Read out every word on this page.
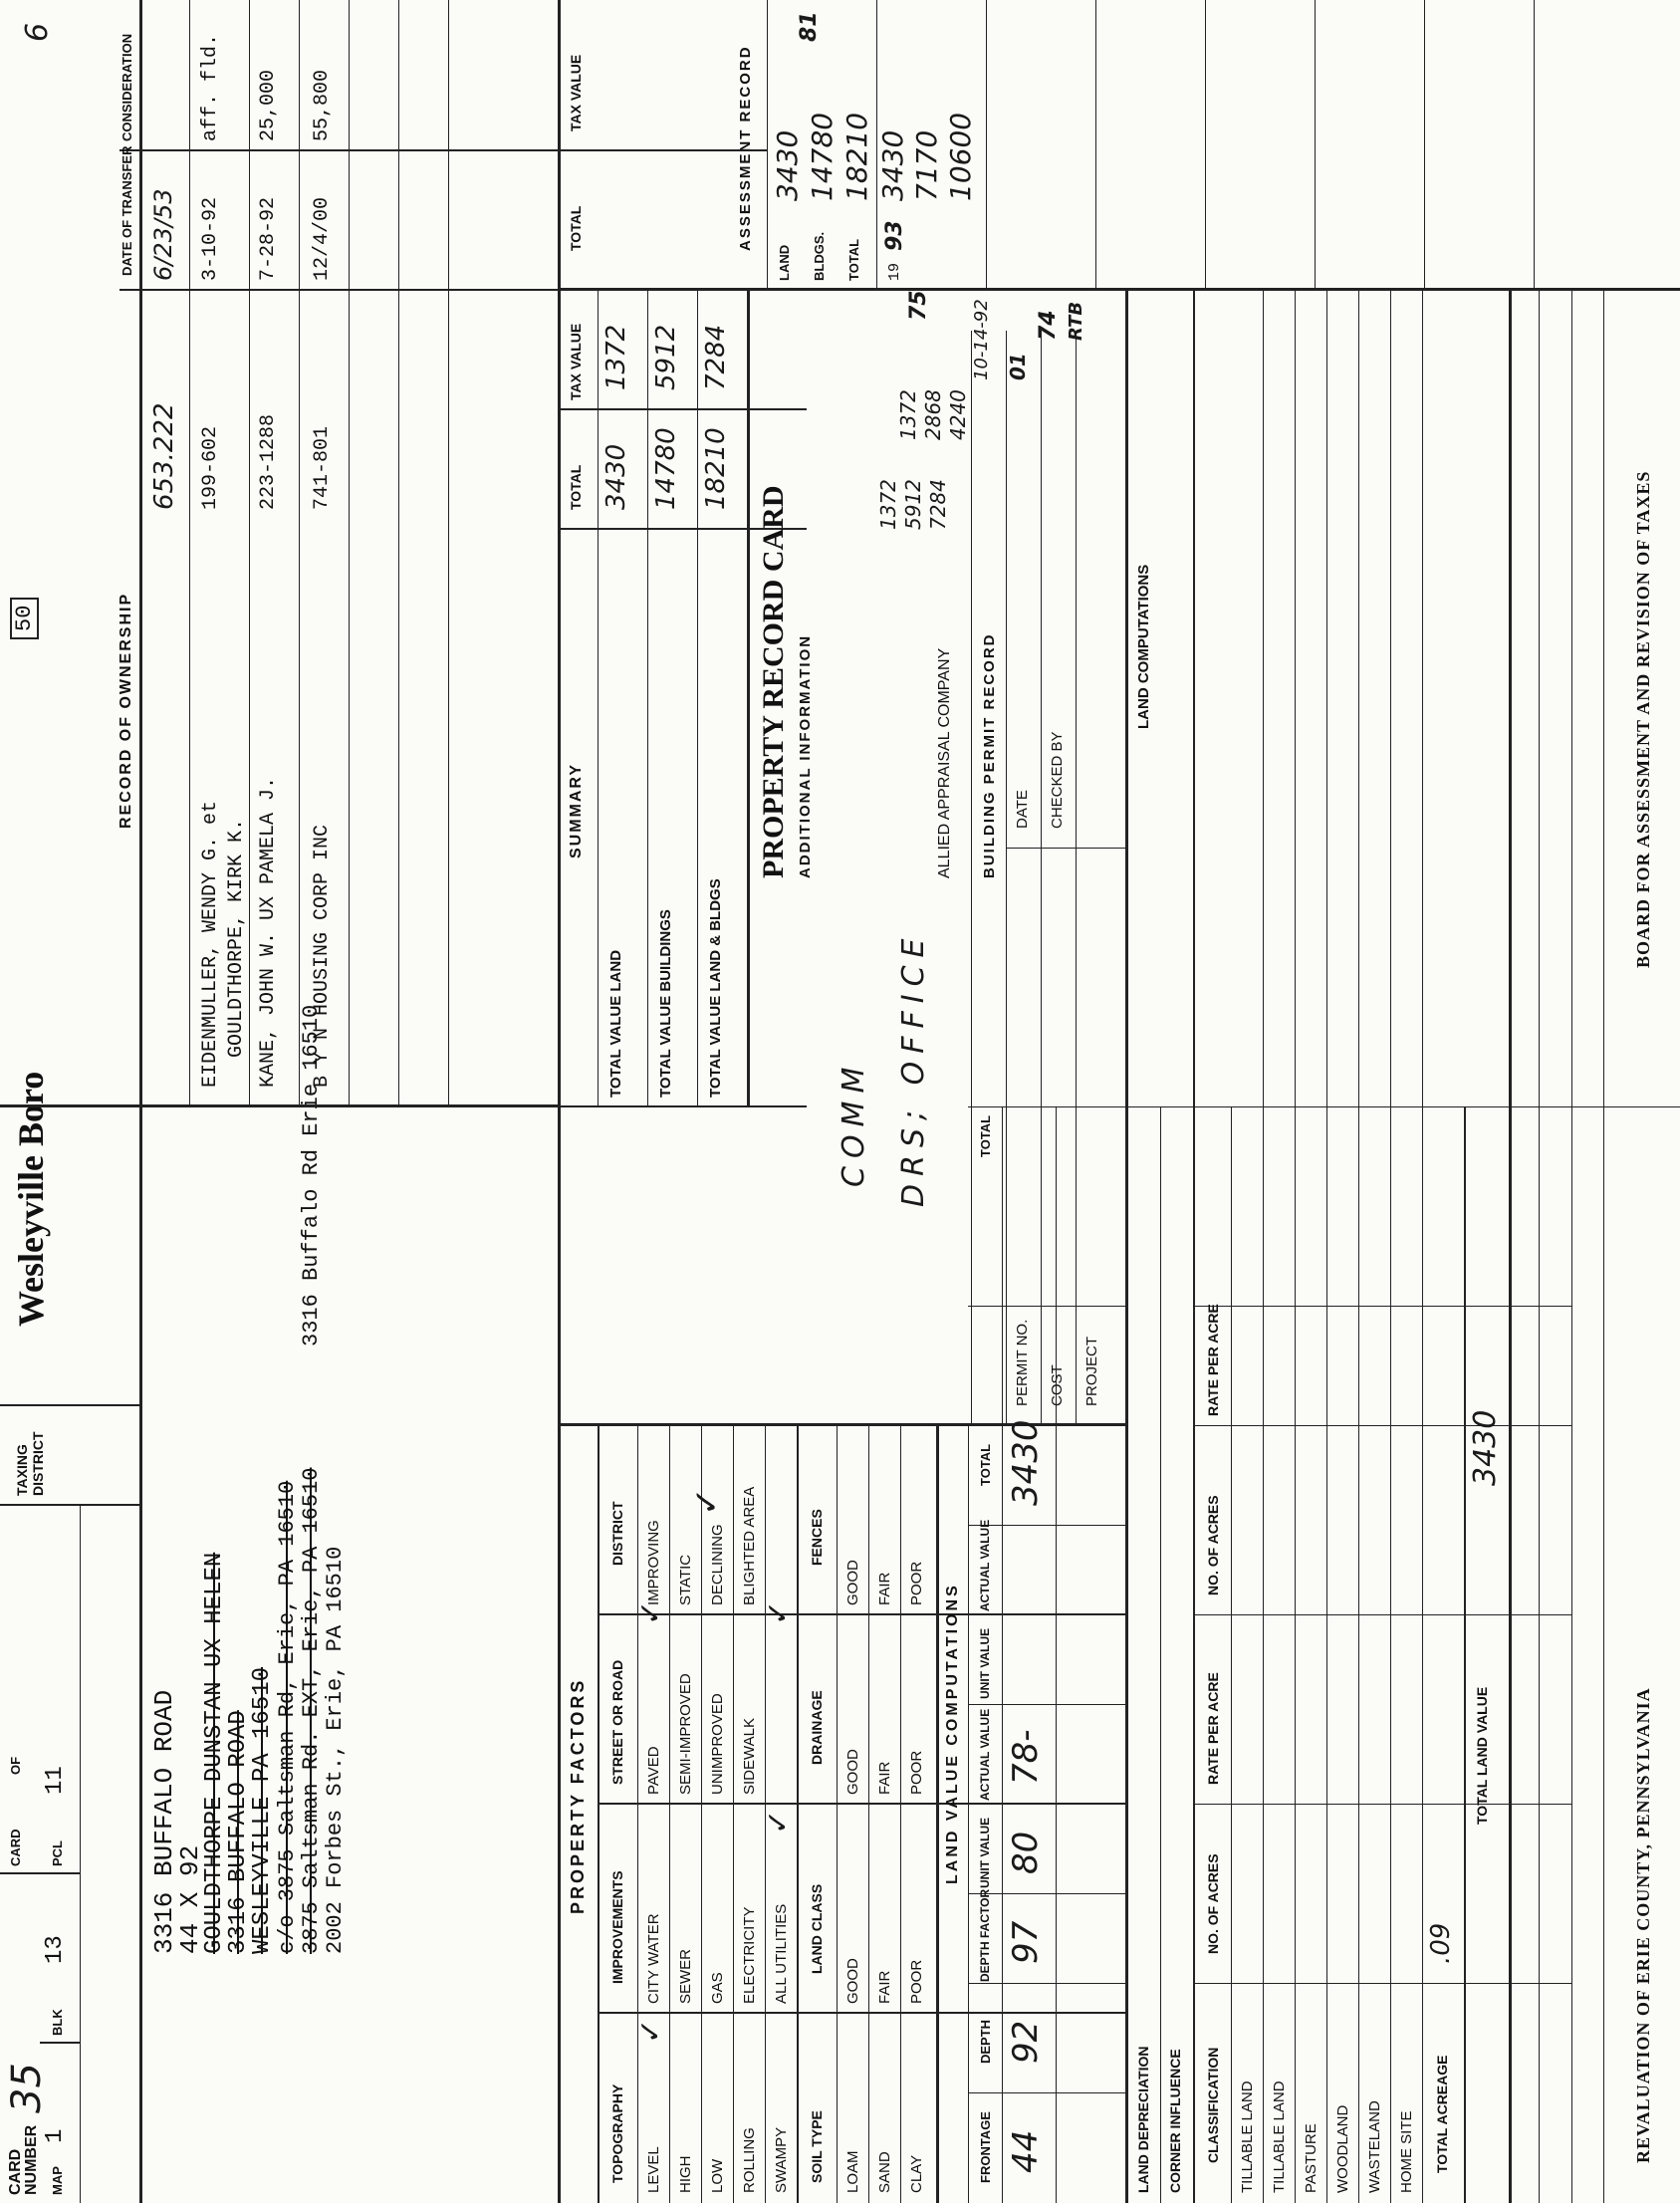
CARD NUMBER
35
MAP
1
BLK
13
CARD
OF
PCL
11
TAXING DISTRICT
Wesleyville Boro
50
6
3316 BUFFALO ROAD
44 X 92
GOULDTHORPE DUNSTAN UX HELEN
3316 BUFFALO ROAD
WESLEYVILLE PA 16510 c/o 3875 Saltsman Rd, Erie, PA 16510 3875 Saltsman Rd. EXT, Erie, PA 16510 2002 Forbes St., Erie, PA 16510
3316 Buffalo Rd Erie 16510
RECORD OF OWNERSHIP
DATE OF TRANSFER
CONSIDERATION
653.222
6/23/53
EIDENMULLER, WENDY G. et
199-602
3-10-92
aff. fld.
GOULDTHORPE, KIRK K. KANE, JOHN W. UX PAMELA J.
223-1288
7-28-92
25,000
B Y N HOUSING CORP INC
741-801
12/4/00
55,800
SUMMARY
TOTAL
TAX VALUE
TOTAL VALUE LAND
3430
1372
TOTAL VALUE BUILDINGS
14780
5912
TOTAL VALUE LAND & BLDGS
18210
7284
PROPERTY RECORD CARD ADDITIONAL INFORMATION
COMM DRS; OFFICE
ALLIED APPRAISAL COMPANY
1372 5912 7284
1372 2868 4240
10-14-92 01
BUILDING PERMIT RECORD
PERMIT NO.
DATE
COST
CHECKED BY
PROJECT
ASSESSMENT RECORD
TOTAL
TAX VALUE
LAND
3430
BLDGS.
14780
TOTAL
18210
81
75
74 RTB
19
93
3430 7170 10600
PROPERTY FACTORS
TOPOGRAPHY
IMPROVEMENTS
STREET OR ROAD
DISTRICT
LEVEL
CITY WATER
PAVED
IMPROVING
HIGH
SEWER
SEMI-IMPROVED
STATIC
LOW
GAS
UNIMPROVED
DECLINING
ROLLING
ELECTRICITY
SIDEWALK
BLIGHTED AREA
SWAMPY
ALL UTILITIES
SOIL TYPE
LAND CLASS
DRAINAGE
FENCES
LOAM
GOOD
GOOD
GOOD
SAND
FAIR
FAIR
FAIR
CLAY
POOR
POOR
POOR
✓
✓
✓
✓
✓
LAND VALUE COMPUTATIONS
FRONTAGE
DEPTH
DEPTH FACTOR
UNIT VALUE
ACTUAL VALUE
UNIT VALUE
ACTUAL VALUE
TOTAL
TOTAL
44
92
97
80
78-
3430
LAND COMPUTATIONS
LAND DEPRECIATION CORNER INFLUENCE CLASSIFICATION
NO. OF ACRES
RATE PER ACRE
NO. OF ACRES
RATE PER ACRE
TILLABLE LAND TILLABLE LAND PASTURE WOODLAND WASTELAND HOME SITE TOTAL ACREAGE
.09
TOTAL LAND VALUE
3430
REVALUATION OF ERIE COUNTY, PENNSYLVANIA
BOARD FOR ASSESSMENT AND REVISION OF TAXES
